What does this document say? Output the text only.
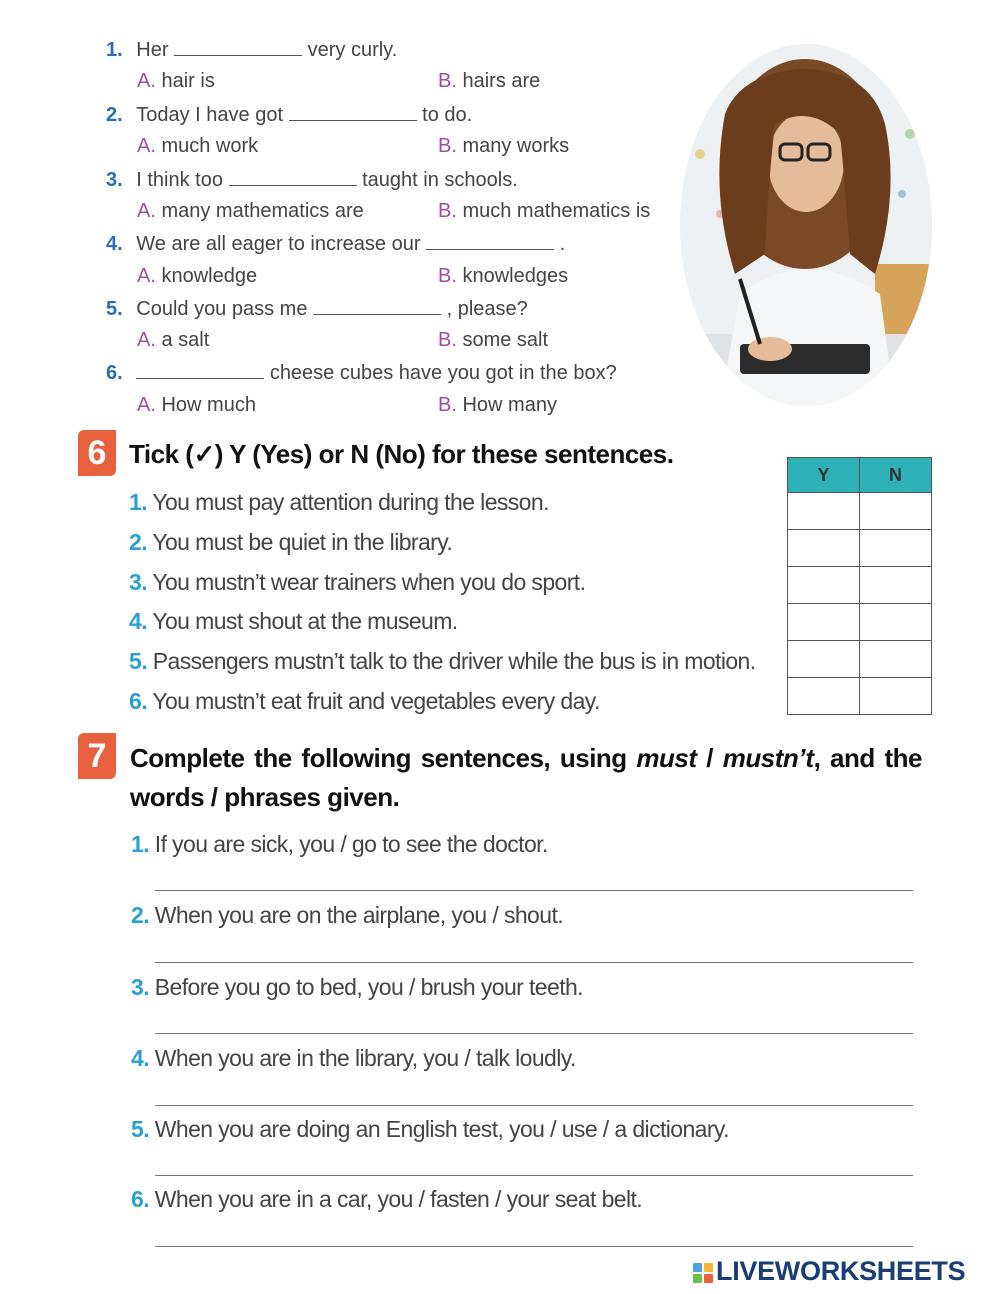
1. Her	very curly.
A. hair is	B. hairs are
2. Today I have got	to do.
A. much work	B. many works
3. I think too	taught in schools.
A. many mathematics are	B. much mathematics is
4. We are all eager to increase our	.
A. knowledge	B. knowledges
5. Could you pass me	, please?
A. a salt	B. some salt
6.	cheese cubes have you got in the box?
A. How much	B. How many
6 Tick (✓) Y (Yes) or N (No) for these sentences.
1. You must pay attention during the lesson.
2. You must be quiet in the library.
3. You mustn’t wear trainers when you do sport.
4. You must shout at the museum.
5. Passengers mustn’t talk to the driver while the bus is in motion.
6. You mustn’t eat fruit and vegetables every day.
Y	N

7 Complete the following sentences, using must / mustn’t, and the
words / phrases given.
1. If you are sick, you / go to see the doctor.
2. When you are on the airplane, you / shout.
3. Before you go to bed, you / brush your teeth.
4. When you are in the library, you / talk loudly.
5. When you are doing an English test, you / use / a dictionary.
6. When you are in a car, you / fasten / your seat belt.
LIVEWORKSHEETS
